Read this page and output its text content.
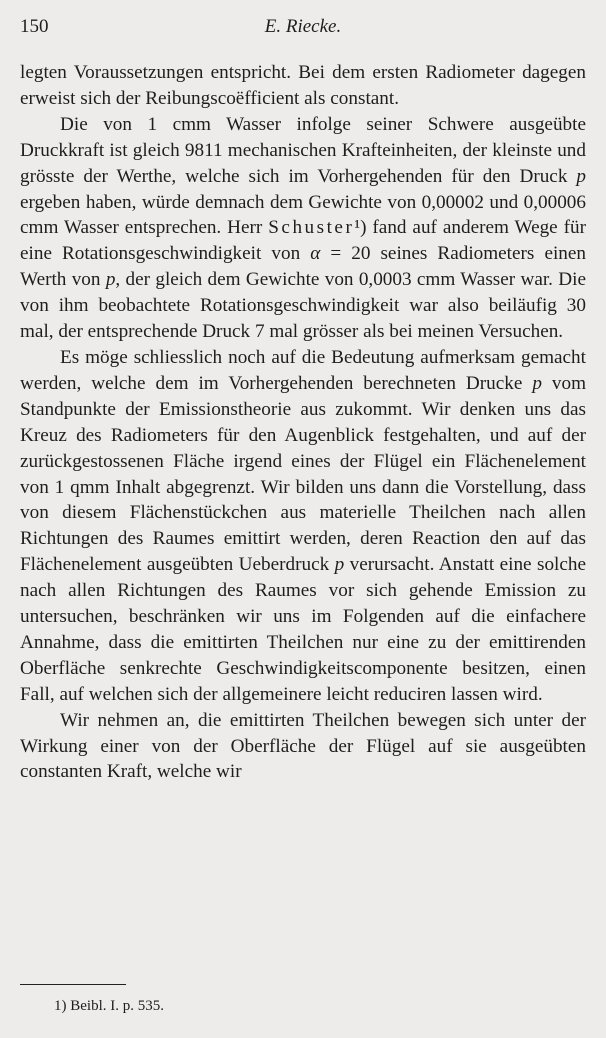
150	E. Riecke.

legten Voraussetzungen entspricht. Bei dem ersten Radiometer dagegen erweist sich der Reibungscoëfficient als constant.

Die von 1 cmm Wasser infolge seiner Schwere ausgeübte Druckkraft ist gleich 9811 mechanischen Krafteinheiten, der kleinste und grösste der Werthe, welche sich im Vorhergehenden für den Druck p ergeben haben, würde demnach dem Gewichte von 0,00002 und 0,00006 cmm Wasser entsprechen. Herr Schuster¹) fand auf anderem Wege für eine Rotationsgeschwindigkeit von α = 20 seines Radiometers einen Werth von p, der gleich dem Gewichte von 0,0003 cmm Wasser war. Die von ihm beobachtete Rotationsgeschwindigkeit war also beiläufig 30 mal, der entsprechende Druck 7 mal grösser als bei meinen Versuchen.

Es möge schliesslich noch auf die Bedeutung aufmerksam gemacht werden, welche dem im Vorhergehenden berechneten Drucke p vom Standpunkte der Emissionstheorie aus zukommt. Wir denken uns das Kreuz des Radiometers für den Augenblick festgehalten, und auf der zurückgestossenen Fläche irgend eines der Flügel ein Flächenelement von 1 qmm Inhalt abgegrenzt. Wir bilden uns dann die Vorstellung, dass von diesem Flächenstückchen aus materielle Theilchen nach allen Richtungen des Raumes emittirt werden, deren Reaction den auf das Flächenelement ausgeübten Ueberdruck p verursacht. Anstatt eine solche nach allen Richtungen des Raumes vor sich gehende Emission zu untersuchen, beschränken wir uns im Folgenden auf die einfachere Annahme, dass die emittirten Theilchen nur eine zu der emittirenden Oberfläche senkrechte Geschwindigkeitscomponente besitzen, einen Fall, auf welchen sich der allgemeinere leicht reduciren lassen wird.

Wir nehmen an, die emittirten Theilchen bewegen sich unter der Wirkung einer von der Oberfläche der Flügel auf sie ausgeübten constanten Kraft, welche wir

1) Beibl. I. p. 535.
